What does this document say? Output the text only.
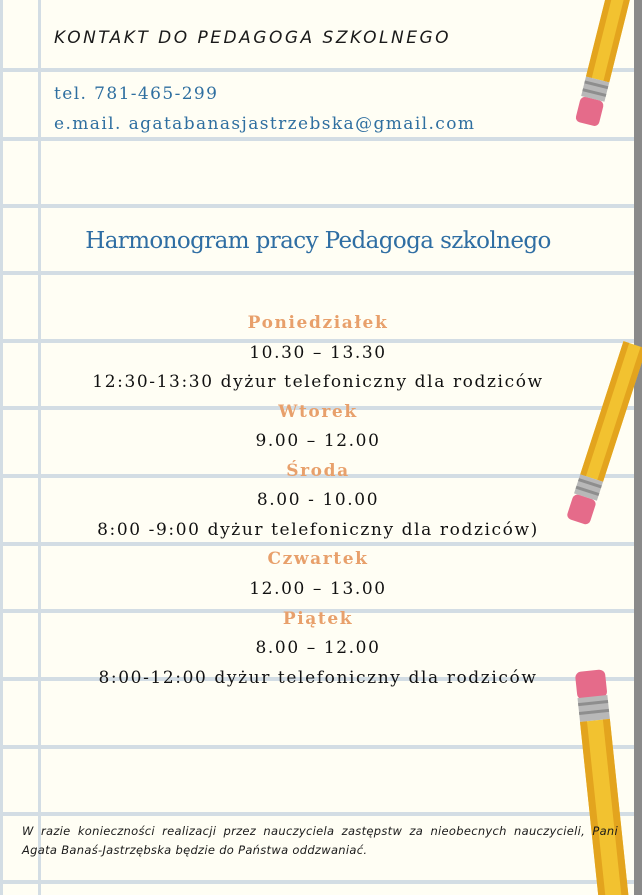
KONTAKT DO PEDAGOGA SZKOLNEGO
tel. 781-465-299
e.mail. agatabanasjastrzebska@gmail.com
Harmonogram pracy Pedagoga szkolnego
Poniedziałek
10.30 – 13.30
12:30-13:30 dyżur telefoniczny dla rodziców
Wtorek
9.00 – 12.00
Środa
8.00 - 10.00
8:00 -9:00 dyżur telefoniczny dla rodziców)
Czwartek
12.00 – 13.00
Piątek
8.00 – 12.00
8:00-12:00 dyżur telefoniczny dla rodziców
W razie konieczności realizacji przez nauczyciela zastępstw za nieobecnych nauczycieli, Pani Agata Banaś-Jastrzębska będzie do Państwa oddzwaniać.
